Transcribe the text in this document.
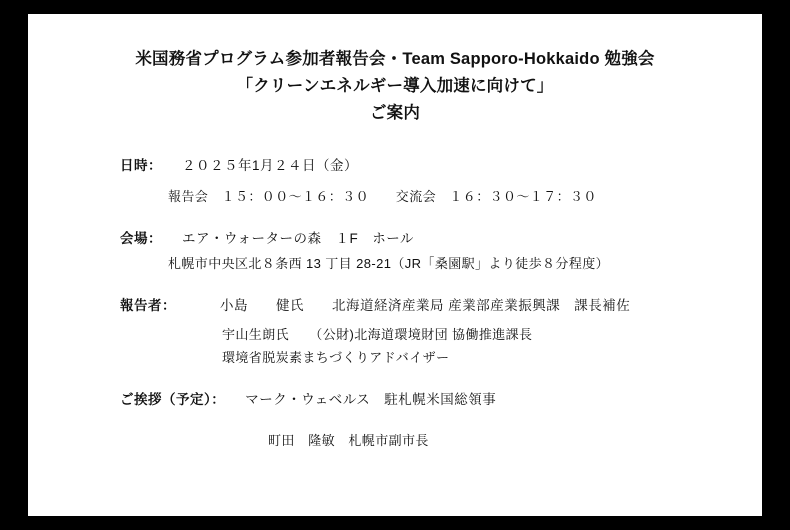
米国務省プログラム参加者報告会・Team Sapporo-Hokkaido 勉強会
「クリーンエネルギー導入加速に向けて」
ご案内
日時： ２０２５年1月２４日（金）
報告会　１５：００〜１６：３０　　交流会　１６：３０〜１７：３０
会場： エア・ウォーターの森　１F　ホール
札幌市中央区北８条西 13 丁目 28-21（JR「桑園駅」より徒歩８分程度）
報告者：	小島　　健氏　　北海道経済産業局 産業部産業振興課　課長補佐
宇山生朗氏　　（公財)北海道環境財団 協働推進課長
環境省脱炭素まちづくりアドバイザー
ご挨拶（予定）： マーク・ウェベルス　駐札幌米国総領事
町田　隆敏　札幌市副市長
